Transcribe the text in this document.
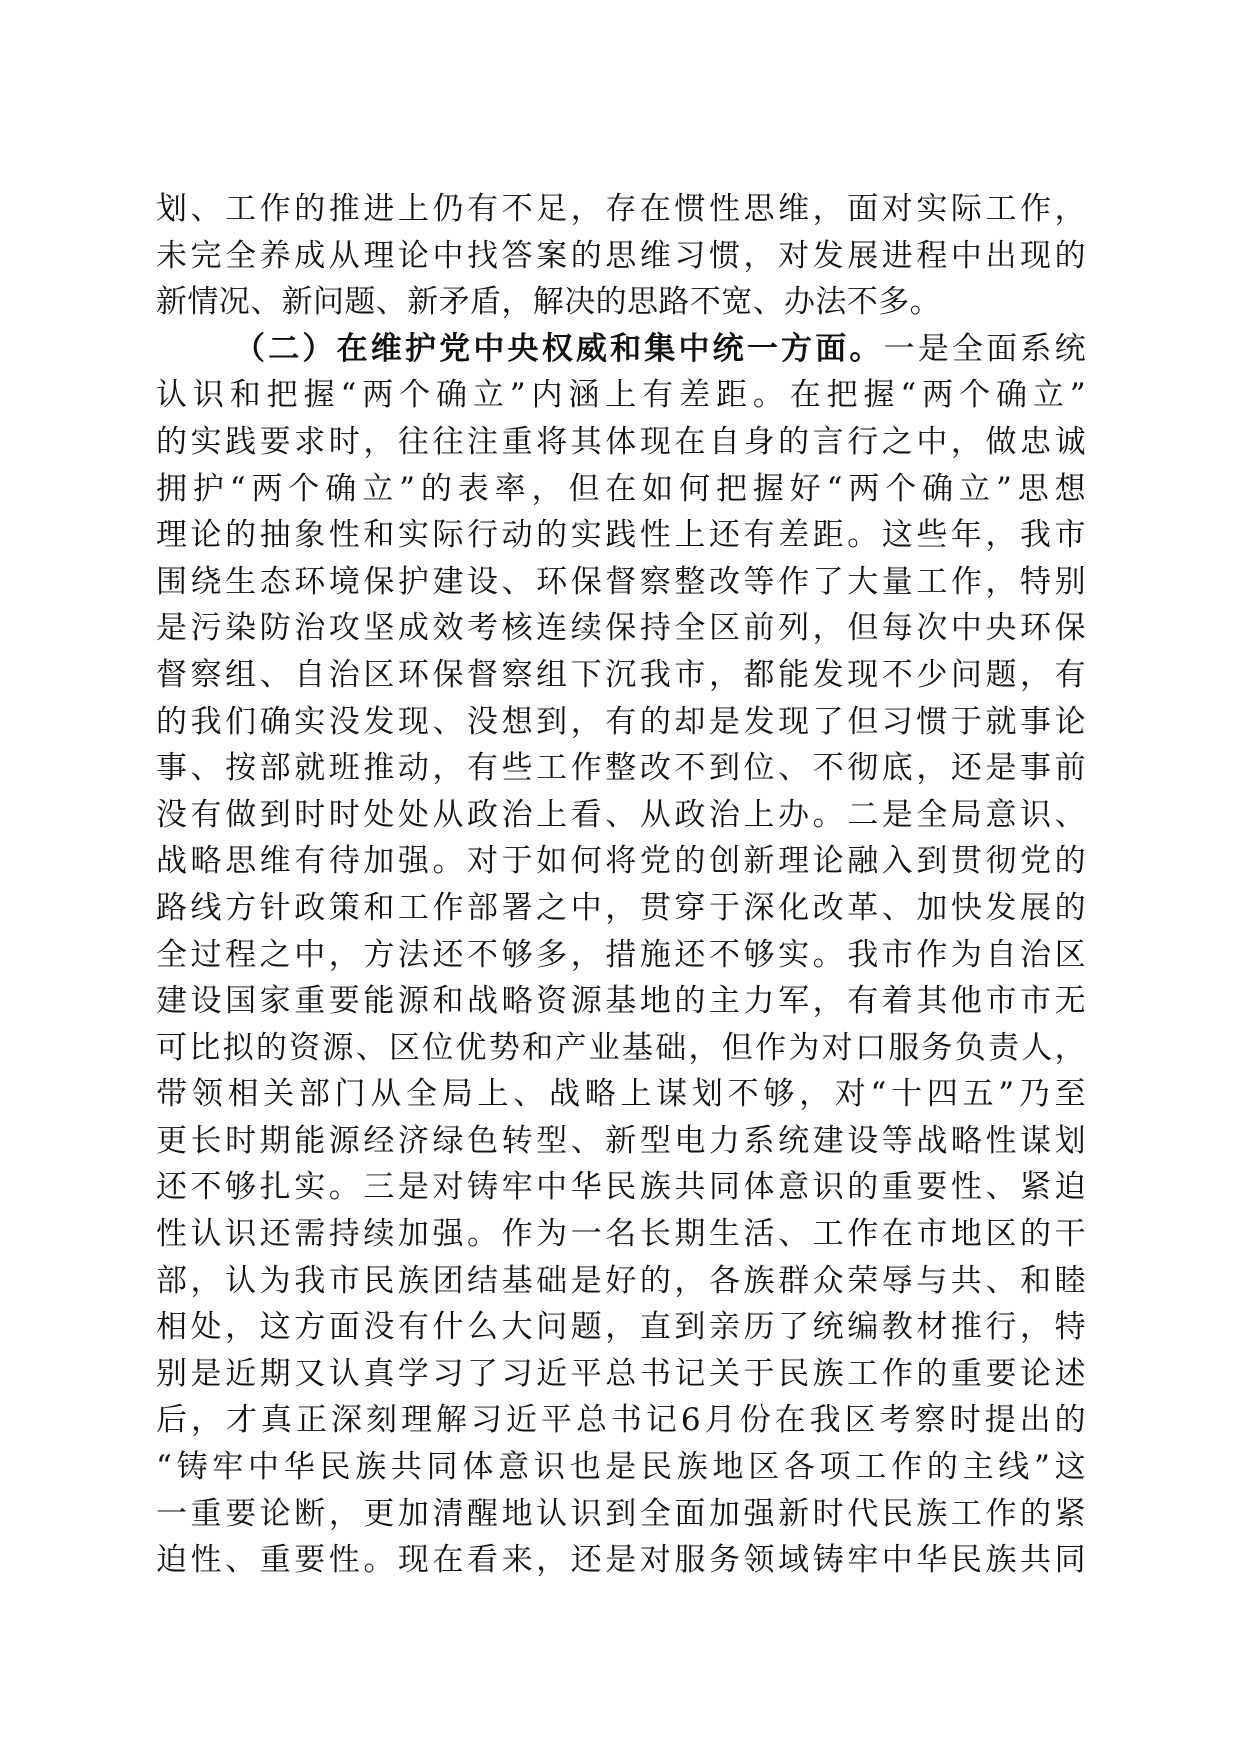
划、工作的推进上仍有不足，存在惯性思维，面对实际工作，
未完全养成从理论中找答案的思维习惯，对发展进程中出现的
新情况、新问题、新矛盾，解决的思路不宽、办法不多。
（二）在维护党中央权威和集中统一方面。一是全面系统
认识和把握“两个确立”内涵上有差距。在把握“两个确立”
的实践要求时，往往注重将其体现在自身的言行之中，做忠诚
拥护“两个确立”的表率，但在如何把握好“两个确立”思想
理论的抽象性和实际行动的实践性上还有差距。这些年，我市
围绕生态环境保护建设、环保督察整改等作了大量工作，特别
是污染防治攻坚成效考核连续保持全区前列，但每次中央环保
督察组、自治区环保督察组下沉我市，都能发现不少问题，有
的我们确实没发现、没想到，有的却是发现了但习惯于就事论
事、按部就班推动，有些工作整改不到位、不彻底，还是事前
没有做到时时处处从政治上看、从政治上办。二是全局意识、
战略思维有待加强。对于如何将党的创新理论融入到贯彻党的
路线方针政策和工作部署之中，贯穿于深化改革、加快发展的
全过程之中，方法还不够多，措施还不够实。我市作为自治区
建设国家重要能源和战略资源基地的主力军，有着其他市市无
可比拟的资源、区位优势和产业基础，但作为对口服务负责人，
带领相关部门从全局上、战略上谋划不够，对“十四五”乃至
更长时期能源经济绿色转型、新型电力系统建设等战略性谋划
还不够扎实。三是对铸牢中华民族共同体意识的重要性、紧迫
性认识还需持续加强。作为一名长期生活、工作在市地区的干
部，认为我市民族团结基础是好的，各族群众荣辱与共、和睦
相处，这方面没有什么大问题，直到亲历了统编教材推行，特
别是近期又认真学习了习近平总书记关于民族工作的重要论述
后，才真正深刻理解习近平总书记6月份在我区考察时提出的
“铸牢中华民族共同体意识也是民族地区各项工作的主线”这
一重要论断，更加清醒地认识到全面加强新时代民族工作的紧
迫性、重要性。现在看来，还是对服务领域铸牢中华民族共同
